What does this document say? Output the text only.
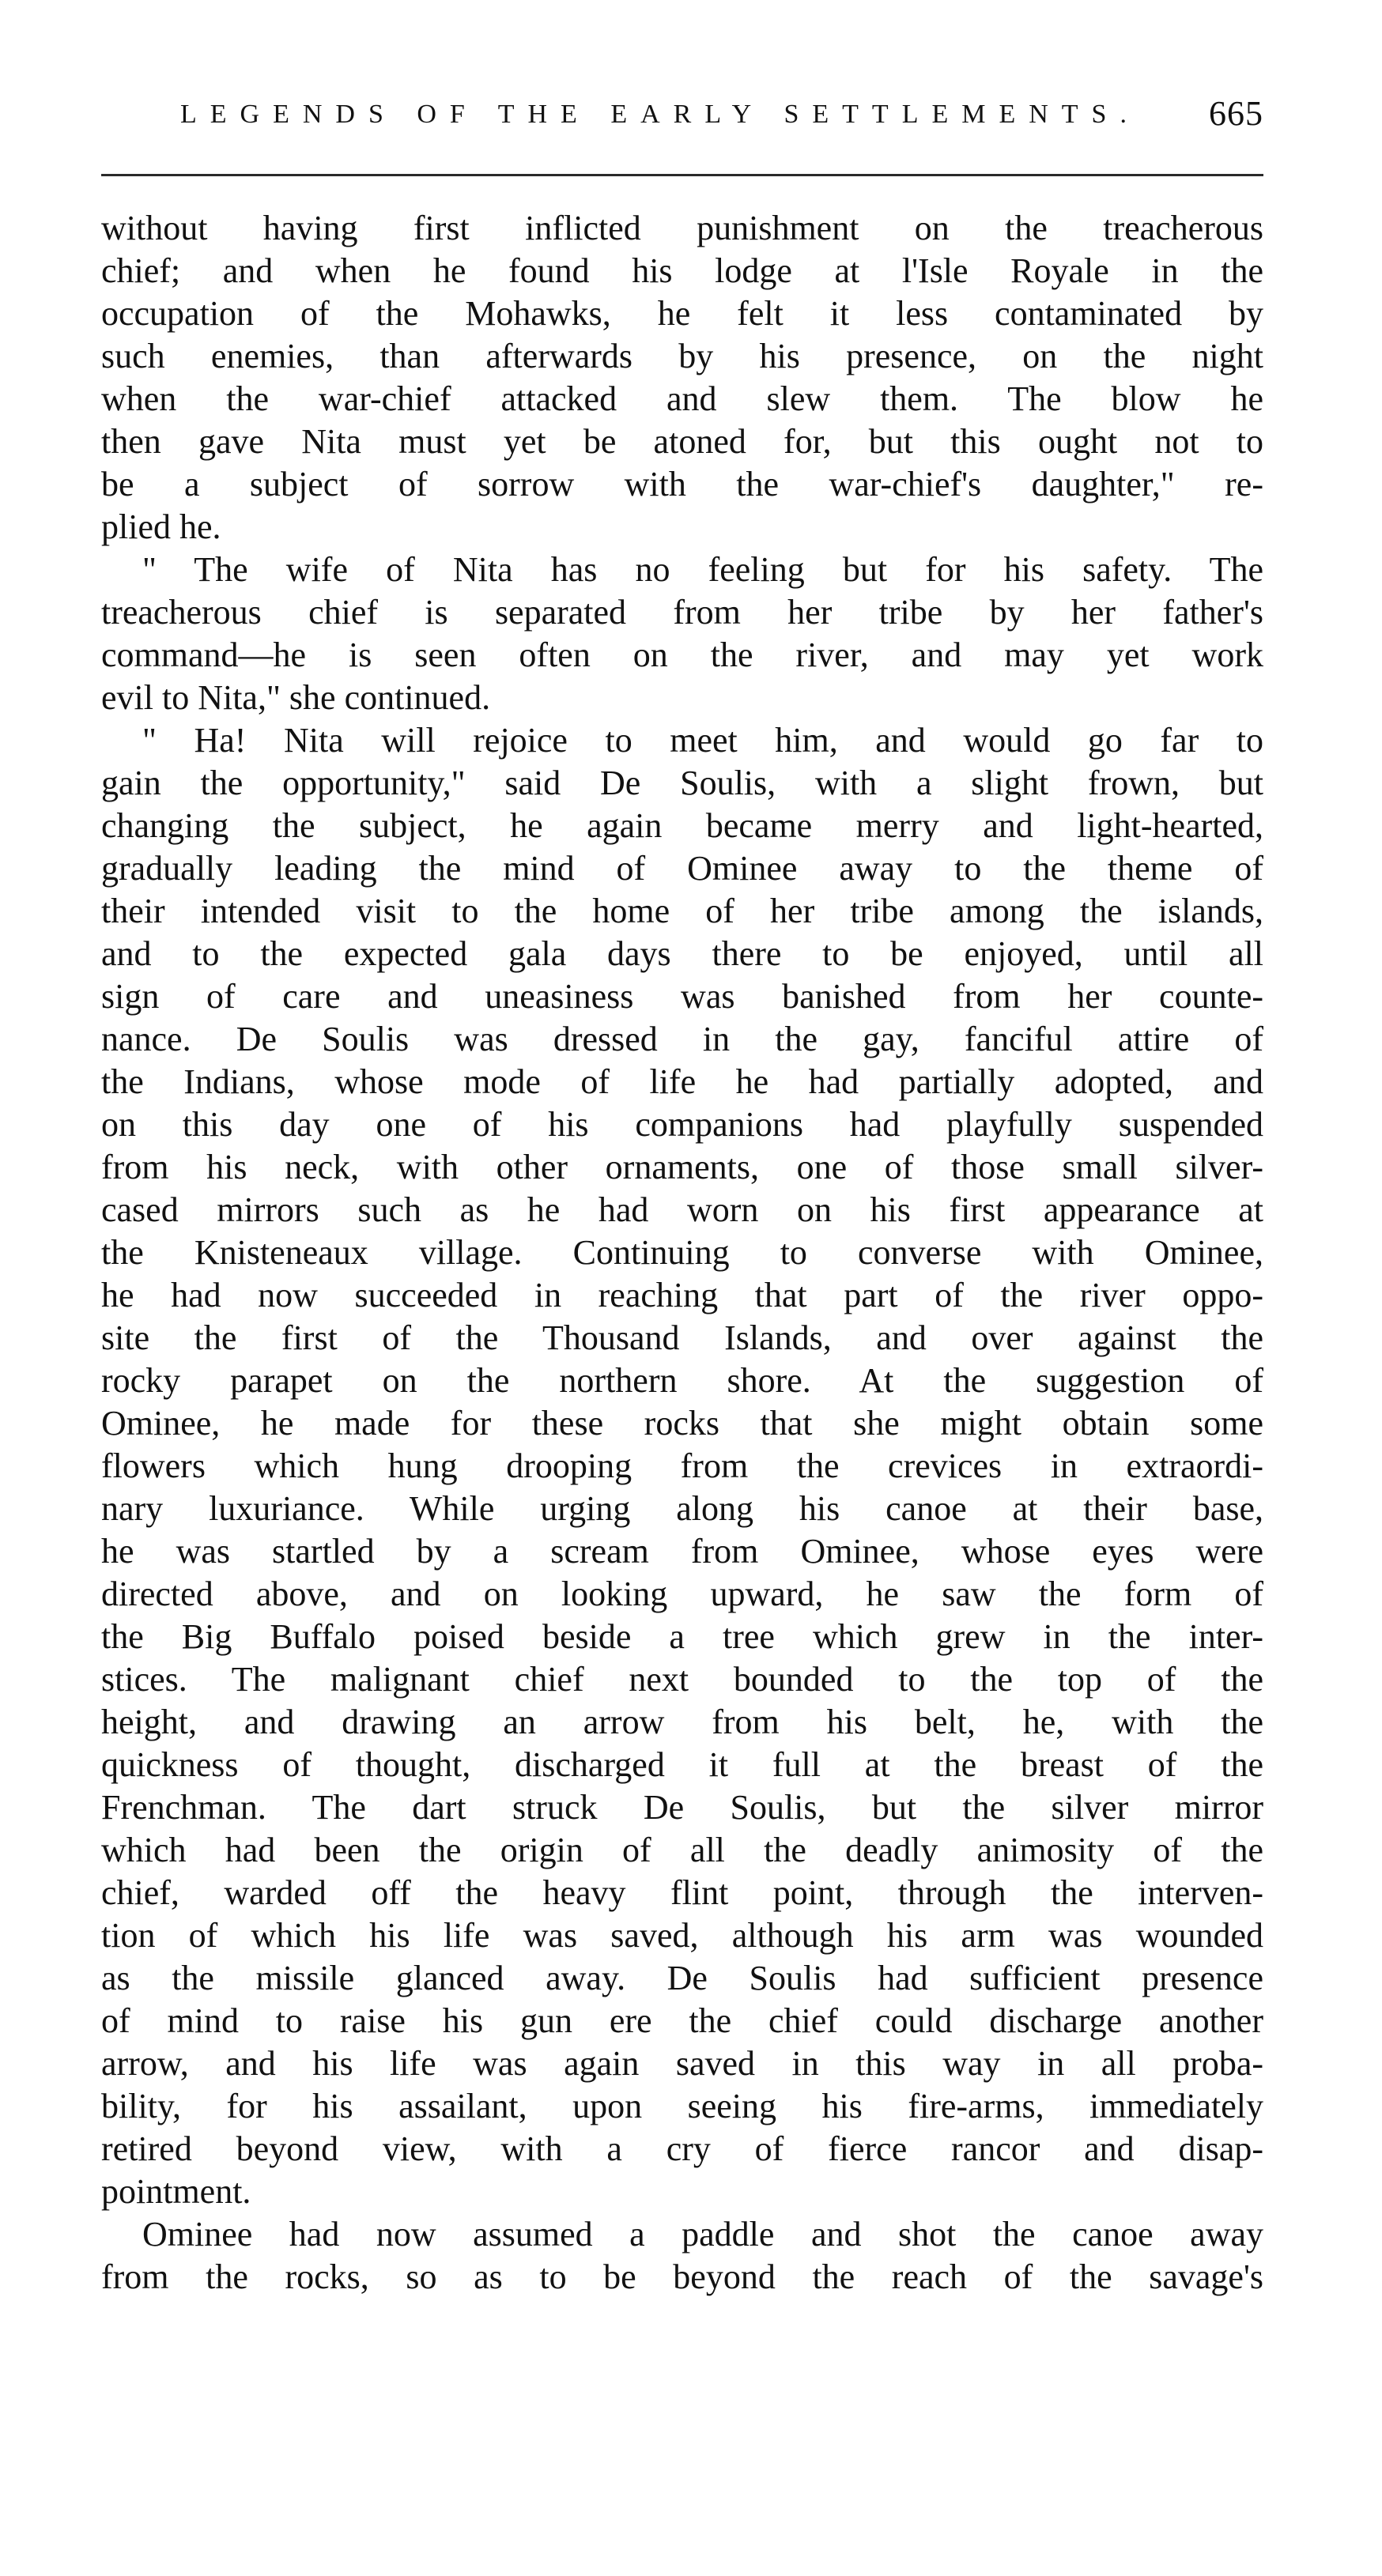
LEGENDS OF THE EARLY SETTLEMENTS. 665
without having first inflicted punishment on the treacherous
chief; and when he found his lodge at l'Isle Royale in the
occupation of the Mohawks, he felt it less contaminated by
such enemies, than afterwards by his presence, on the night
when the war-chief attacked and slew them. The blow he
then gave Nita must yet be atoned for, but this ought not to
be a subject of sorrow with the war-chief's daughter," re-
plied he.
" The wife of Nita has no feeling but for his safety. The
treacherous chief is separated from her tribe by her father's
command—he is seen often on the river, and may yet work
evil to Nita," she continued.
" Ha! Nita will rejoice to meet him, and would go far to
gain the opportunity," said De Soulis, with a slight frown, but
changing the subject, he again became merry and light-hearted,
gradually leading the mind of Ominee away to the theme of
their intended visit to the home of her tribe among the islands,
and to the expected gala days there to be enjoyed, until all
sign of care and uneasiness was banished from her counte-
nance. De Soulis was dressed in the gay, fanciful attire of
the Indians, whose mode of life he had partially adopted, and
on this day one of his companions had playfully suspended
from his neck, with other ornaments, one of those small silver-
cased mirrors such as he had worn on his first appearance at
the Knisteneaux village. Continuing to converse with Ominee,
he had now succeeded in reaching that part of the river oppo-
site the first of the Thousand Islands, and over against the
rocky parapet on the northern shore. At the suggestion of
Ominee, he made for these rocks that she might obtain some
flowers which hung drooping from the crevices in extraordi-
nary luxuriance. While urging along his canoe at their base,
he was startled by a scream from Ominee, whose eyes were
directed above, and on looking upward, he saw the form of
the Big Buffalo poised beside a tree which grew in the inter-
stices. The malignant chief next bounded to the top of the
height, and drawing an arrow from his belt, he, with the
quickness of thought, discharged it full at the breast of the
Frenchman. The dart struck De Soulis, but the silver mirror
which had been the origin of all the deadly animosity of the
chief, warded off the heavy flint point, through the interven-
tion of which his life was saved, although his arm was wounded
as the missile glanced away. De Soulis had sufficient presence
of mind to raise his gun ere the chief could discharge another
arrow, and his life was again saved in this way in all proba-
bility, for his assailant, upon seeing his fire-arms, immediately
retired beyond view, with a cry of fierce rancor and disap-
pointment.
Ominee had now assumed a paddle and shot the canoe away
from the rocks, so as to be beyond the reach of the savage's
